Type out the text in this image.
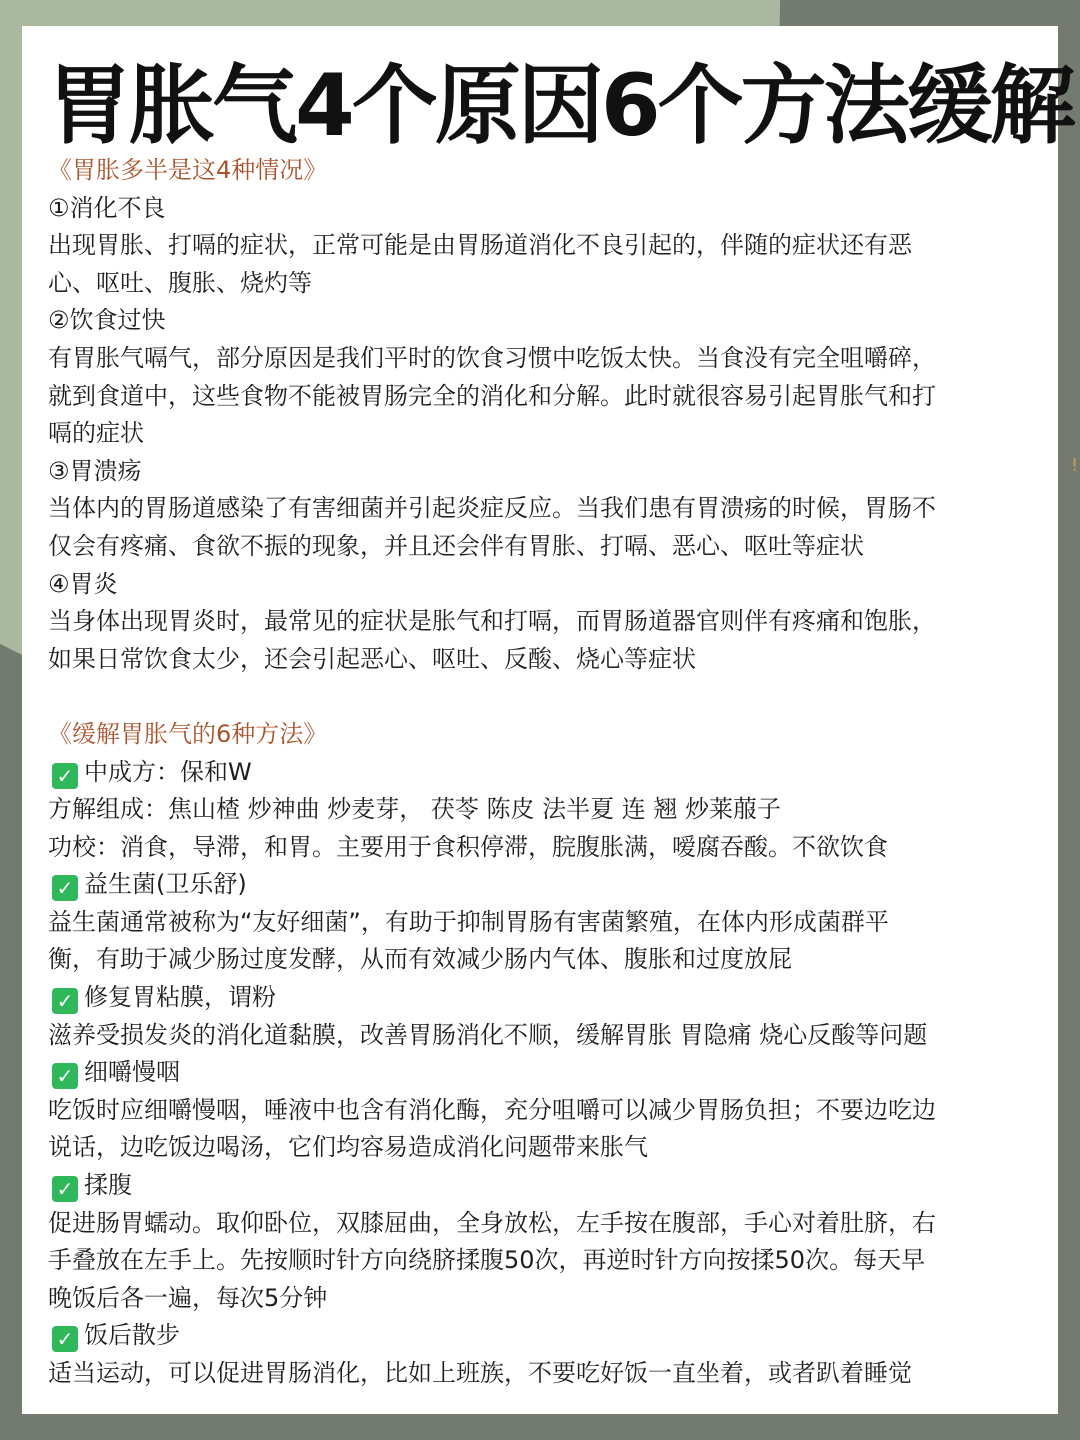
胃胀气4个原因6个方法缓解
《胃胀多半是这4种情况》
①消化不良
出现胃胀、打嗝的症状，正常可能是由胃肠道消化不良引起的，伴随的症状还有恶
心、呕吐、腹胀、烧灼等
②饮食过快
有胃胀气嗝气，部分原因是我们平时的饮食习惯中吃饭太快。当食没有完全咀嚼碎，
就到食道中，这些食物不能被胃肠完全的消化和分解。此时就很容易引起胃胀气和打
嗝的症状
③胃溃疡
当体内的胃肠道感染了有害细菌并引起炎症反应。当我们患有胃溃疡的时候，胃肠不
仅会有疼痛、食欲不振的现象，并且还会伴有胃胀、打嗝、恶心、呕吐等症状
④胃炎
当身体出现胃炎时，最常见的症状是胀气和打嗝，而胃肠道器官则伴有疼痛和饱胀，
如果日常饮食太少，还会引起恶心、呕吐、反酸、烧心等症状
《缓解胃胀气的6种方法》
✓ 中成方：保和W
方解组成：焦山楂 炒神曲 炒麦芽， 茯苓 陈皮 法半夏 连 翘 炒莱菔子
功校：消食，导滞，和胃。主要用于食积停滞，脘腹胀满，嗳腐吞酸。不欲饮食
✓ 益生菌(卫乐舒)
益生菌通常被称为“友好细菌”，有助于抑制胃肠有害菌繁殖，在体内形成菌群平
衡，有助于减少肠过度发酵，从而有效减少肠内气体、腹胀和过度放屁
✓ 修复胃粘膜，谓粉
滋养受损发炎的消化道黏膜，改善胃肠消化不顺，缓解胃胀 胃隐痛 烧心反酸等问题
✓ 细嚼慢咽
吃饭时应细嚼慢咽，唾液中也含有消化酶，充分咀嚼可以减少胃肠负担；不要边吃边
说话，边吃饭边喝汤，它们均容易造成消化问题带来胀气
✓ 揉腹
促进肠胃蠕动。取仰卧位，双膝屈曲，全身放松，左手按在腹部，手心对着肚脐，右
手叠放在左手上。先按顺时针方向绕脐揉腹50次，再逆时针方向按揉50次。每天早
晚饭后各一遍，每次5分钟
✓ 饭后散步
适当运动，可以促进胃肠消化，比如上班族，不要吃好饭一直坐着，或者趴着睡觉
!
